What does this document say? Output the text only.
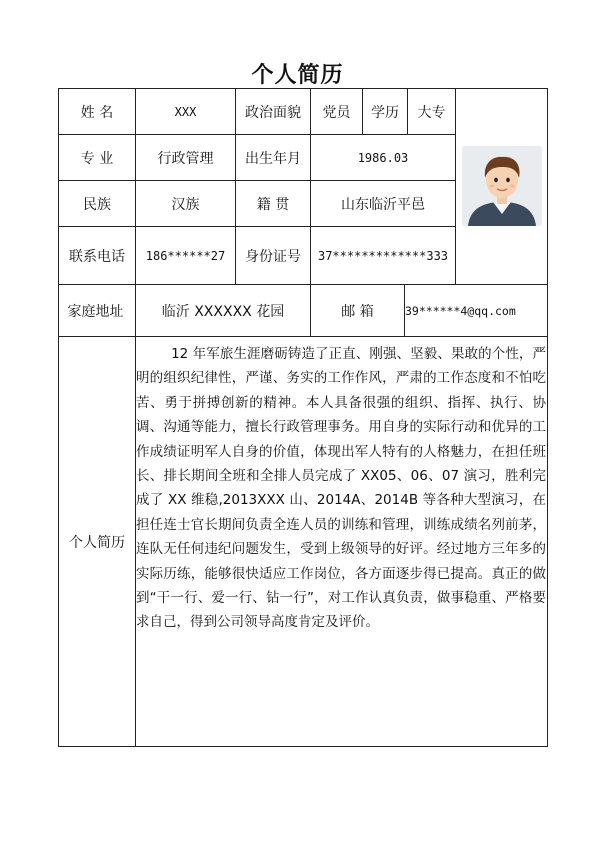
个人简历
姓 名	XXX	政治面貌	党员	学历	大专
专 业	行政管理	出生年月	1986.03
民族	汉族	籍 贯	山东临沂平邑
联系电话	186******27	身份证号	37*************333
家庭地址	临沂 XXXXXX 花园	邮 箱	39******4@qq.com
个人简历
12 年军旅生涯磨砺铸造了正直、刚强、坚毅、果敢的个性，严明的组织纪律性，严谨、务实的工作作风，严肃的工作态度和不怕吃苦、勇于拼搏创新的精神。本人具备很强的组织、指挥、执行、协调、沟通等能力，擅长行政管理事务。用自身的实际行动和优异的工作成绩证明军人自身的价值，体现出军人特有的人格魅力，在担任班长、排长期间全班和全排人员完成了 XX05、06、07 演习，胜利完成了 XX 维稳,2013XXX 山、2014A、2014B 等各种大型演习，在担任连士官长期间负责全连人员的训练和管理，训练成绩名列前茅，连队无任何违纪问题发生，受到上级领导的好评。经过地方三年多的实际历练，能够很快适应工作岗位，各方面逐步得已提高。真正的做到“干一行、爱一行、钻一行”，对工作认真负责，做事稳重、严格要求自己，得到公司领导高度肯定及评价。
